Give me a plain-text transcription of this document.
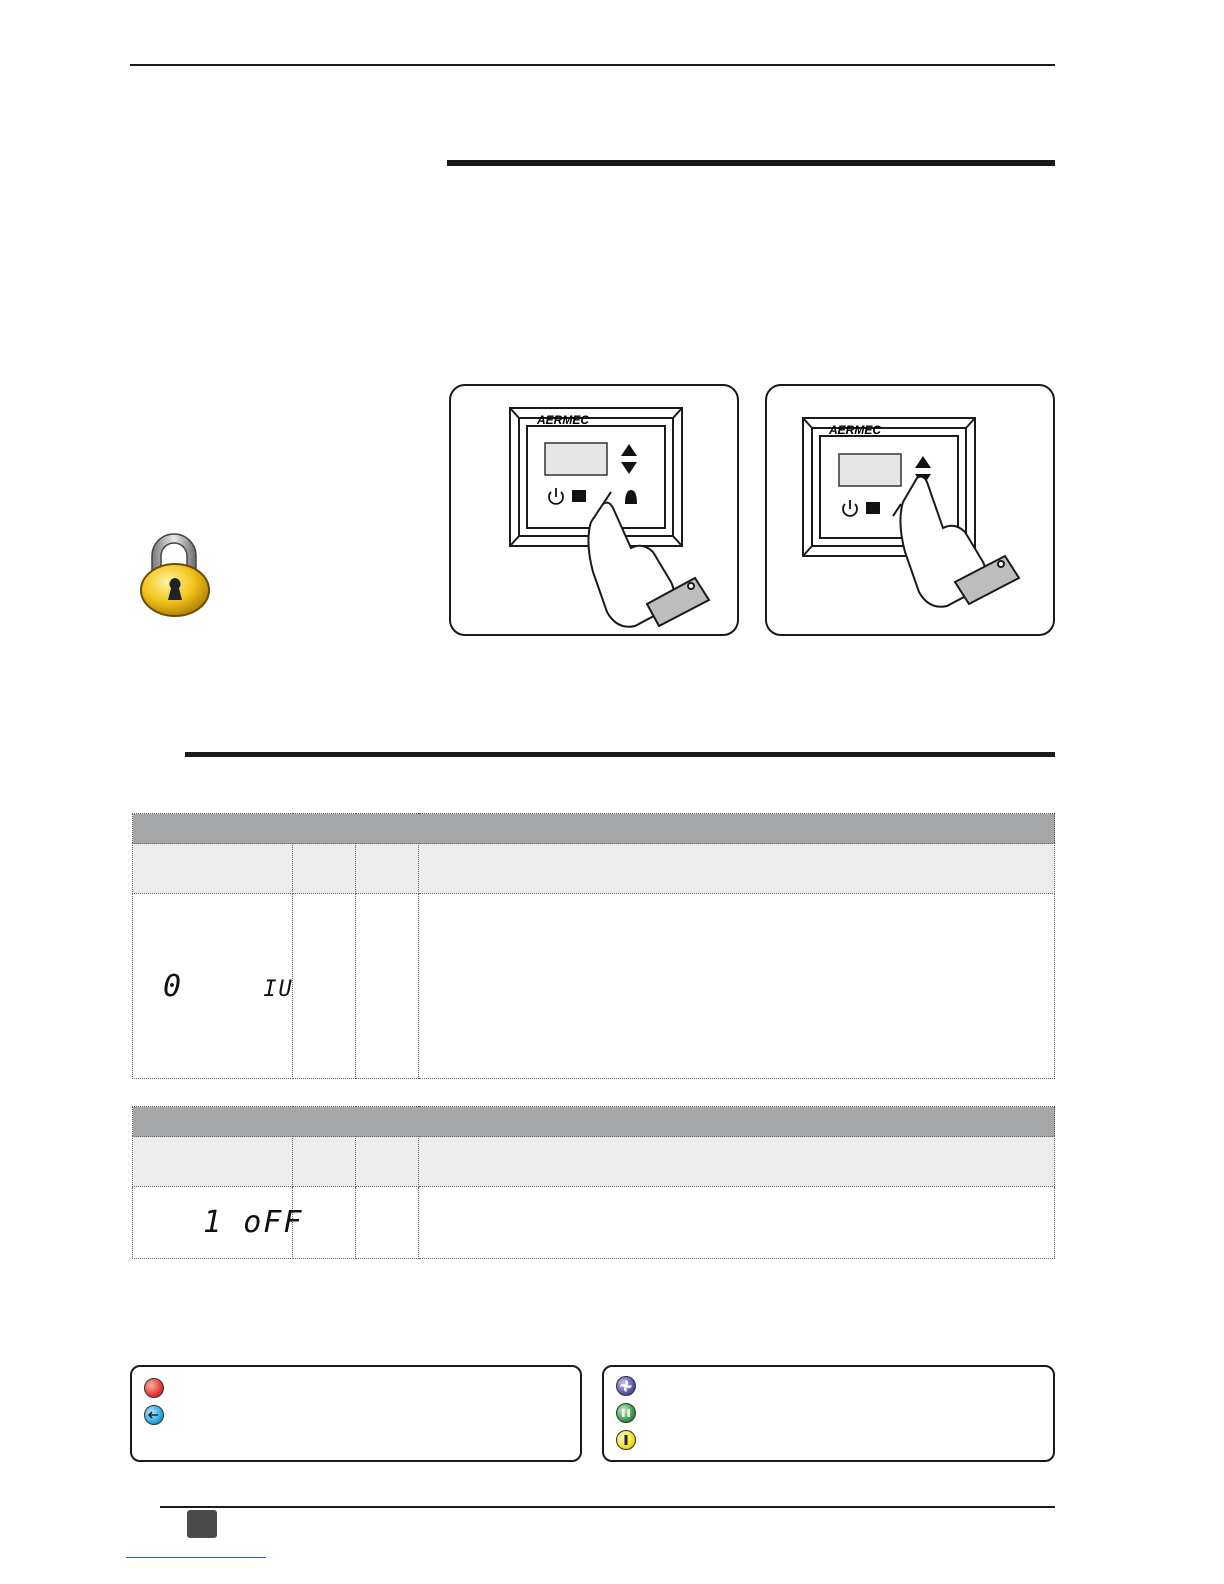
AERMEC
AERMEC

0 IU			

1 oFF			
